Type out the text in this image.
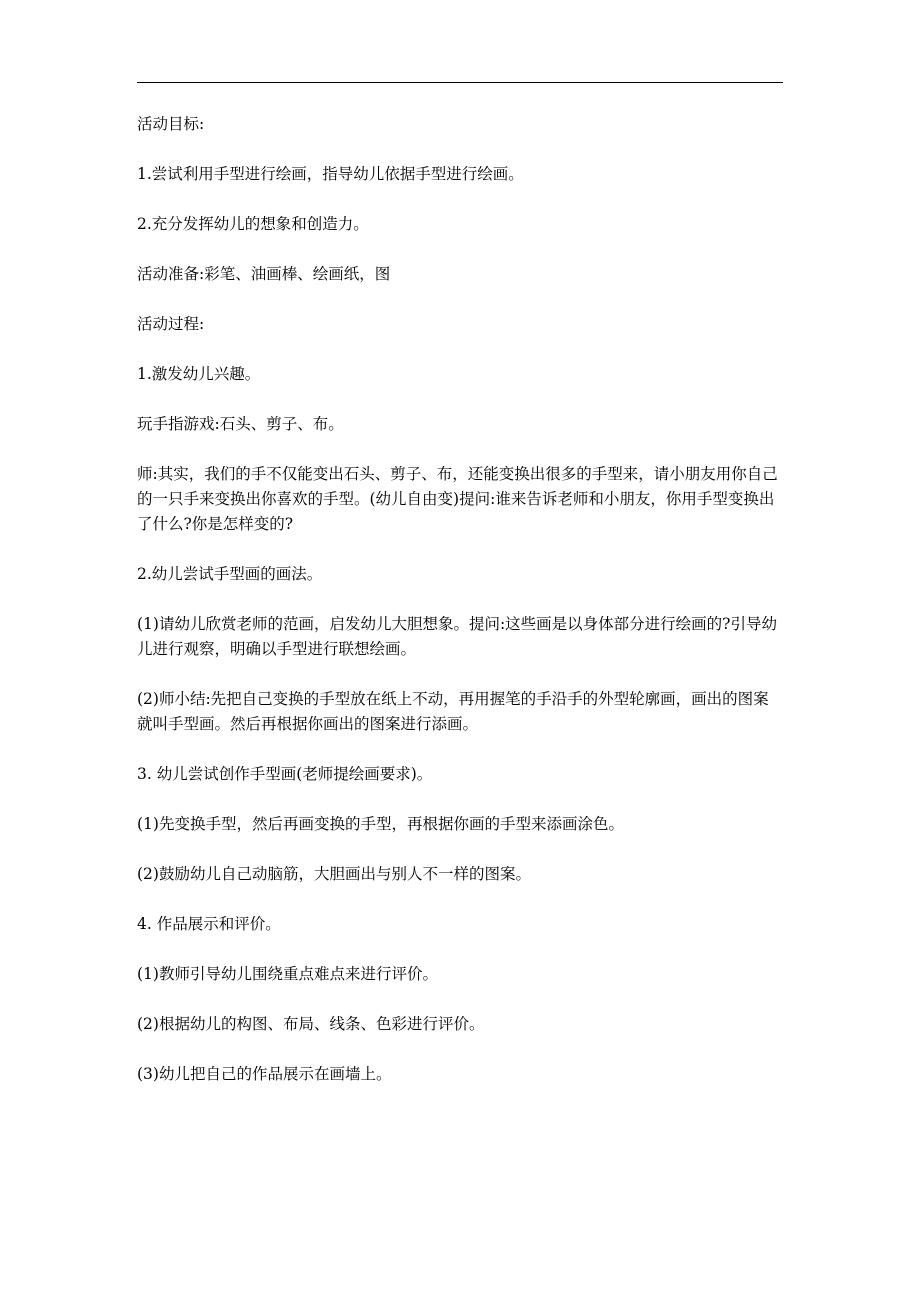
活动目标:

1.尝试利用手型进行绘画，指导幼儿依据手型进行绘画。

2.充分发挥幼儿的想象和创造力。

活动准备:彩笔、油画棒、绘画纸，图

活动过程:

1.激发幼儿兴趣。

玩手指游戏:石头、剪子、布。

师:其实，我们的手不仅能变出石头、剪子、布，还能变换出很多的手型来，请小朋友用你自己的一只手来变换出你喜欢的手型。(幼儿自由变)提问:谁来告诉老师和小朋友，你用手型变换出了什么?你是怎样变的?

2.幼儿尝试手型画的画法。

(1)请幼儿欣赏老师的范画，启发幼儿大胆想象。提问:这些画是以身体部分进行绘画的?引导幼儿进行观察，明确以手型进行联想绘画。

(2)师小结:先把自己变换的手型放在纸上不动，再用握笔的手沿手的外型轮廓画，画出的图案就叫手型画。然后再根据你画出的图案进行添画。

3. 幼儿尝试创作手型画(老师提绘画要求)。

(1)先变换手型，然后再画变换的手型，再根据你画的手型来添画涂色。

(2)鼓励幼儿自己动脑筋，大胆画出与别人不一样的图案。

4. 作品展示和评价。

(1)教师引导幼儿围绕重点难点来进行评价。

(2)根据幼儿的构图、布局、线条、色彩进行评价。

(3)幼儿把自己的作品展示在画墙上。
